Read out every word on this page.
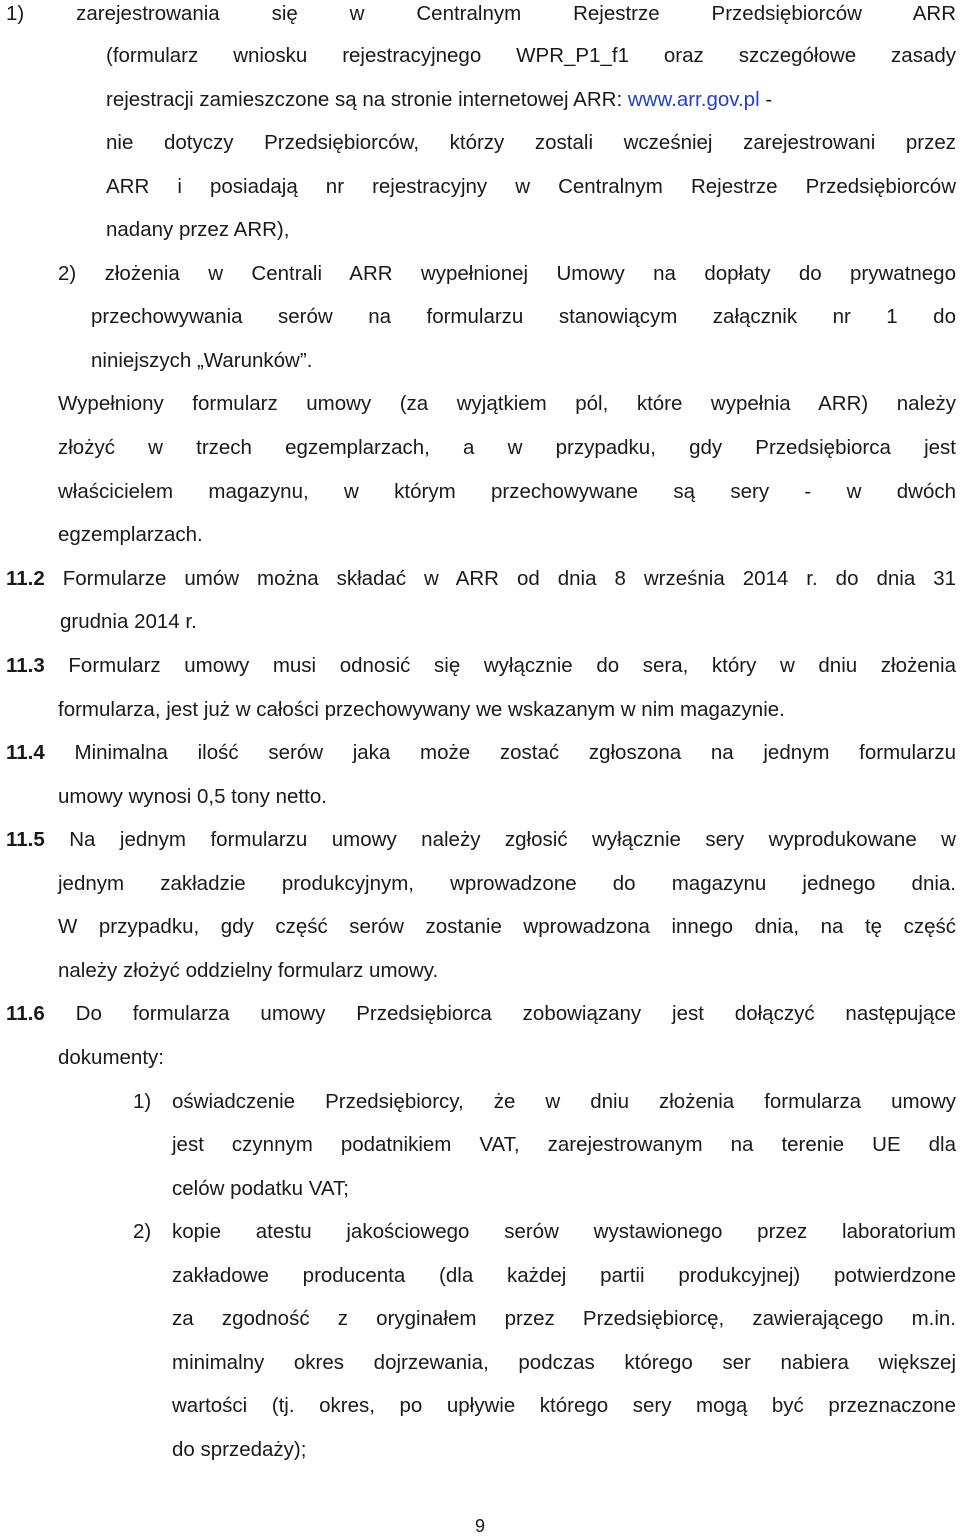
1) zarejestrowania się w Centralnym Rejestrze Przedsiębiorców ARR
(formularz wniosku rejestracyjnego WPR_P1_f1 oraz szczegółowe zasady
rejestracji zamieszczone są na stronie internetowej ARR: www.arr.gov.pl -
nie dotyczy Przedsiębiorców, którzy zostali wcześniej zarejestrowani przez
ARR i posiadają nr rejestracyjny w Centralnym Rejestrze Przedsiębiorców
nadany przez ARR),
2) złożenia w Centrali ARR wypełnionej Umowy na dopłaty do prywatnego
przechowywania serów na formularzu stanowiącym załącznik nr 1 do
niniejszych „Warunków”.
Wypełniony formularz umowy (za wyjątkiem pól, które wypełnia ARR) należy
złożyć w trzech egzemplarzach, a w przypadku, gdy Przedsiębiorca jest
właścicielem magazynu, w którym przechowywane są sery - w dwóch
egzemplarzach.
11.2 Formularze umów można składać w ARR od dnia 8 września 2014 r. do dnia 31
grudnia 2014 r.
11.3 Formularz umowy musi odnosić się wyłącznie do sera, który w dniu złożenia
formularza, jest już w całości przechowywany we wskazanym w nim magazynie.
11.4 Minimalna ilość serów jaka może zostać zgłoszona na jednym formularzu
umowy wynosi 0,5 tony netto.
11.5 Na jednym formularzu umowy należy zgłosić wyłącznie sery wyprodukowane w
jednym zakładzie produkcyjnym, wprowadzone do magazynu jednego dnia.
W przypadku, gdy część serów zostanie wprowadzona innego dnia, na tę część
należy złożyć oddzielny formularz umowy.
11.6 Do formularza umowy Przedsiębiorca zobowiązany jest dołączyć następujące
dokumenty:
1) oświadczenie Przedsiębiorcy, że w dniu złożenia formularza umowy
jest czynnym podatnikiem VAT, zarejestrowanym na terenie UE dla
celów podatku VAT;
2) kopie atestu jakościowego serów wystawionego przez laboratorium
zakładowe producenta (dla każdej partii produkcyjnej) potwierdzone
za zgodność z oryginałem przez Przedsiębiorcę, zawierającego m.in.
minimalny okres dojrzewania, podczas którego ser nabiera większej
wartości (tj. okres, po upływie którego sery mogą być przeznaczone
do sprzedaży);
9
